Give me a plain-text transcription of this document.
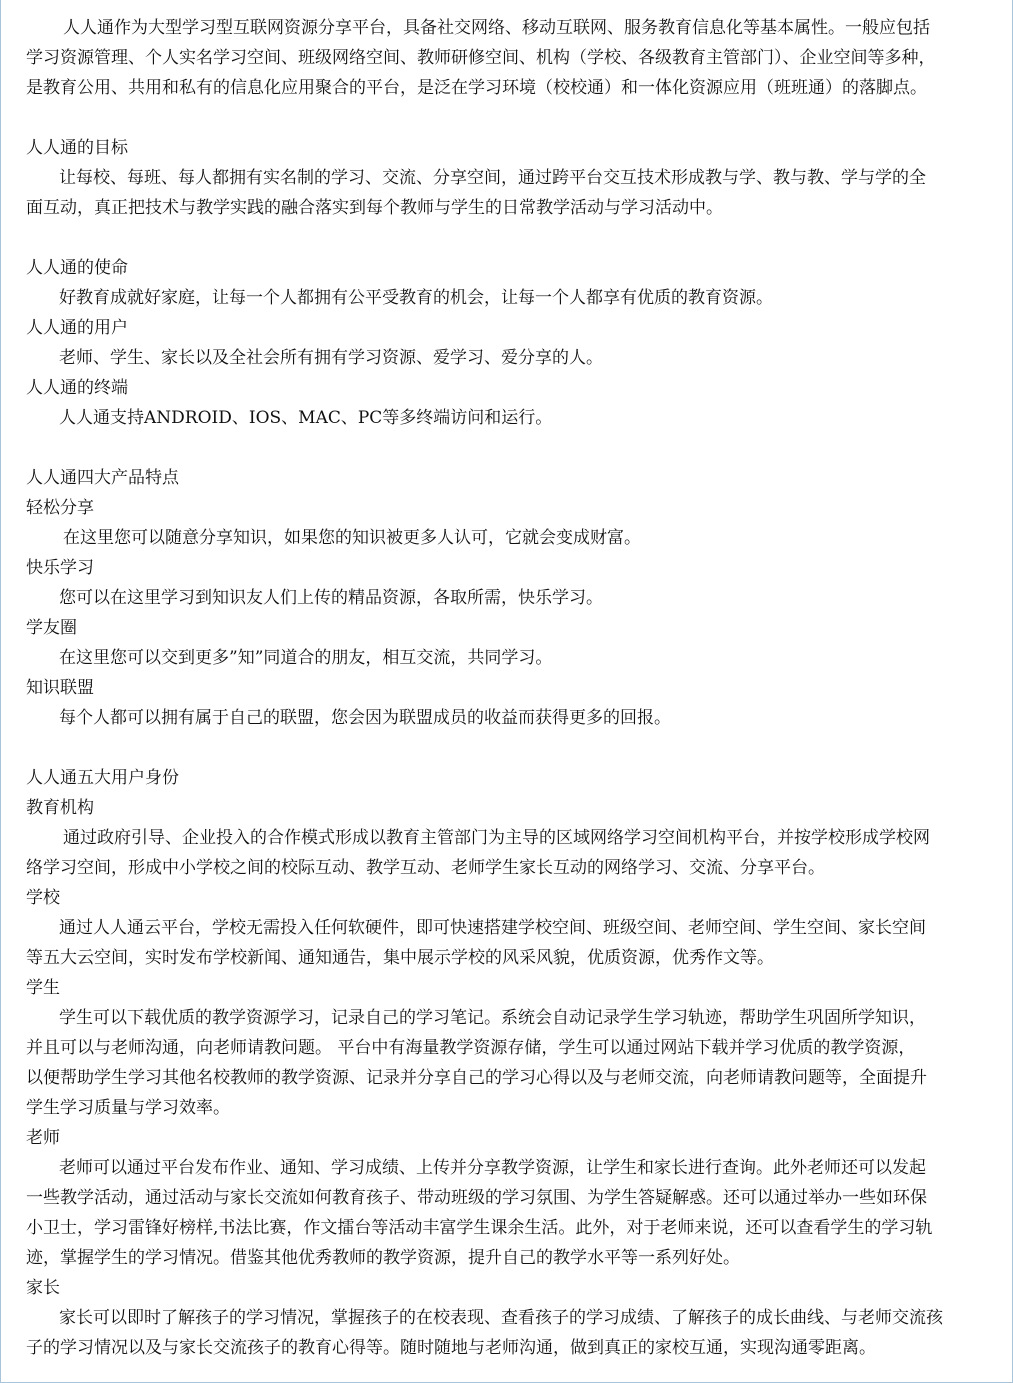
人人通作为大型学习型互联网资源分享平台，具备社交网络、移动互联网、服务教育信息化等基本属性。一般应包括
学习资源管理、个人实名学习空间、班级网络空间、教师研修空间、机构（学校、各级教育主管部门）、企业空间等多种，
是教育公用、共用和私有的信息化应用聚合的平台，是泛在学习环境（校校通）和一体化资源应用（班班通）的落脚点。
人人通的目标
让每校、每班、每人都拥有实名制的学习、交流、分享空间，通过跨平台交互技术形成教与学、教与教、学与学的全
面互动，真正把技术与教学实践的融合落实到每个教师与学生的日常教学活动与学习活动中。
人人通的使命
好教育成就好家庭，让每一个人都拥有公平受教育的机会，让每一个人都享有优质的教育资源。
人人通的用户
老师、学生、家长以及全社会所有拥有学习资源、爱学习、爱分享的人。
人人通的终端
人人通支持ANDROID、IOS、MAC、PC等多终端访问和运行。
人人通四大产品特点
轻松分享
在这里您可以随意分享知识，如果您的知识被更多人认可，它就会变成财富。
快乐学习
您可以在这里学习到知识友人们上传的精品资源，各取所需，快乐学习。
学友圈
在这里您可以交到更多”知”同道合的朋友，相互交流，共同学习。
知识联盟
每个人都可以拥有属于自己的联盟，您会因为联盟成员的收益而获得更多的回报。
人人通五大用户身份
教育机构
通过政府引导、企业投入的合作模式形成以教育主管部门为主导的区域网络学习空间机构平台，并按学校形成学校网
络学习空间，形成中小学校之间的校际互动、教学互动、老师学生家长互动的网络学习、交流、分享平台。
学校
通过人人通云平台，学校无需投入任何软硬件，即可快速搭建学校空间、班级空间、老师空间、学生空间、家长空间
等五大云空间，实时发布学校新闻、通知通告，集中展示学校的风采风貌，优质资源，优秀作文等。
学生
学生可以下载优质的教学资源学习，记录自己的学习笔记。系统会自动记录学生学习轨迹，帮助学生巩固所学知识，
并且可以与老师沟通，向老师请教问题。 平台中有海量教学资源存储，学生可以通过网站下载并学习优质的教学资源，
以便帮助学生学习其他名校教师的教学资源、记录并分享自己的学习心得以及与老师交流，向老师请教问题等，全面提升
学生学习质量与学习效率。
老师
老师可以通过平台发布作业、通知、学习成绩、上传并分享教学资源，让学生和家长进行查询。此外老师还可以发起
一些教学活动，通过活动与家长交流如何教育孩子、带动班级的学习氛围、为学生答疑解惑。还可以通过举办一些如环保
小卫士，学习雷锋好榜样,书法比赛，作文擂台等活动丰富学生课余生活。此外，对于老师来说，还可以查看学生的学习轨
迹，掌握学生的学习情况。借鉴其他优秀教师的教学资源，提升自己的教学水平等一系列好处。
家长
家长可以即时了解孩子的学习情况，掌握孩子的在校表现、查看孩子的学习成绩、了解孩子的成长曲线、与老师交流孩
子的学习情况以及与家长交流孩子的教育心得等。随时随地与老师沟通，做到真正的家校互通，实现沟通零距离。
